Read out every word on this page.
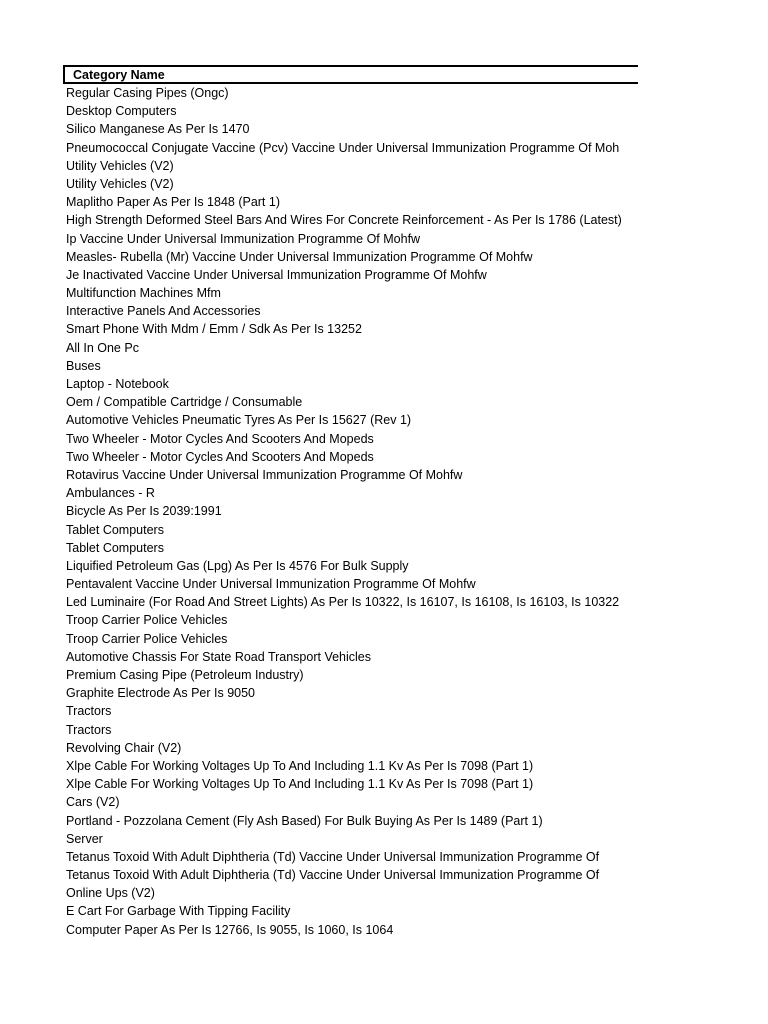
Category Name
Regular Casing Pipes (Ongc)
Desktop Computers
Silico Manganese As Per Is 1470
Pneumococcal Conjugate Vaccine (Pcv) Vaccine Under Universal Immunization Programme Of Moh
Utility Vehicles (V2)
Utility Vehicles (V2)
Maplitho Paper As Per Is 1848 (Part 1)
High Strength Deformed Steel Bars And Wires For Concrete Reinforcement - As Per Is 1786 (Latest)
Ip Vaccine Under Universal Immunization Programme Of Mohfw
Measles- Rubella (Mr) Vaccine Under Universal Immunization Programme Of Mohfw
Je Inactivated Vaccine Under Universal Immunization Programme Of Mohfw
Multifunction Machines Mfm
Interactive Panels And Accessories
Smart Phone With Mdm / Emm / Sdk As Per Is 13252
All In One Pc
Buses
Laptop - Notebook
Oem / Compatible Cartridge / Consumable
Automotive Vehicles Pneumatic Tyres As Per Is 15627 (Rev 1)
Two Wheeler - Motor Cycles And Scooters And Mopeds
Two Wheeler - Motor Cycles And Scooters And Mopeds
Rotavirus Vaccine Under Universal Immunization Programme Of Mohfw
Ambulances - R
Bicycle As Per Is 2039:1991
Tablet Computers
Tablet Computers
Liquified Petroleum Gas (Lpg) As Per Is 4576 For Bulk Supply
Pentavalent Vaccine Under Universal Immunization Programme Of Mohfw
Led Luminaire (For Road And Street Lights) As Per Is 10322, Is 16107, Is 16108, Is 16103, Is 10322
Troop Carrier Police Vehicles
Troop Carrier Police Vehicles
Automotive Chassis For State Road Transport Vehicles
Premium Casing Pipe (Petroleum Industry)
Graphite Electrode As Per Is 9050
Tractors
Tractors
Revolving Chair (V2)
Xlpe Cable For Working Voltages Up To And Including 1.1 Kv As Per Is 7098 (Part 1)
Xlpe Cable For Working Voltages Up To And Including 1.1 Kv As Per Is 7098 (Part 1)
Cars (V2)
Portland - Pozzolana Cement (Fly Ash Based) For Bulk Buying As Per Is 1489 (Part 1)
Server
Tetanus Toxoid With Adult Diphtheria (Td) Vaccine Under Universal Immunization Programme Of
Tetanus Toxoid With Adult Diphtheria (Td) Vaccine Under Universal Immunization Programme Of
Online Ups (V2)
E Cart For Garbage With Tipping Facility
Computer Paper As Per Is 12766, Is 9055, Is 1060, Is 1064
